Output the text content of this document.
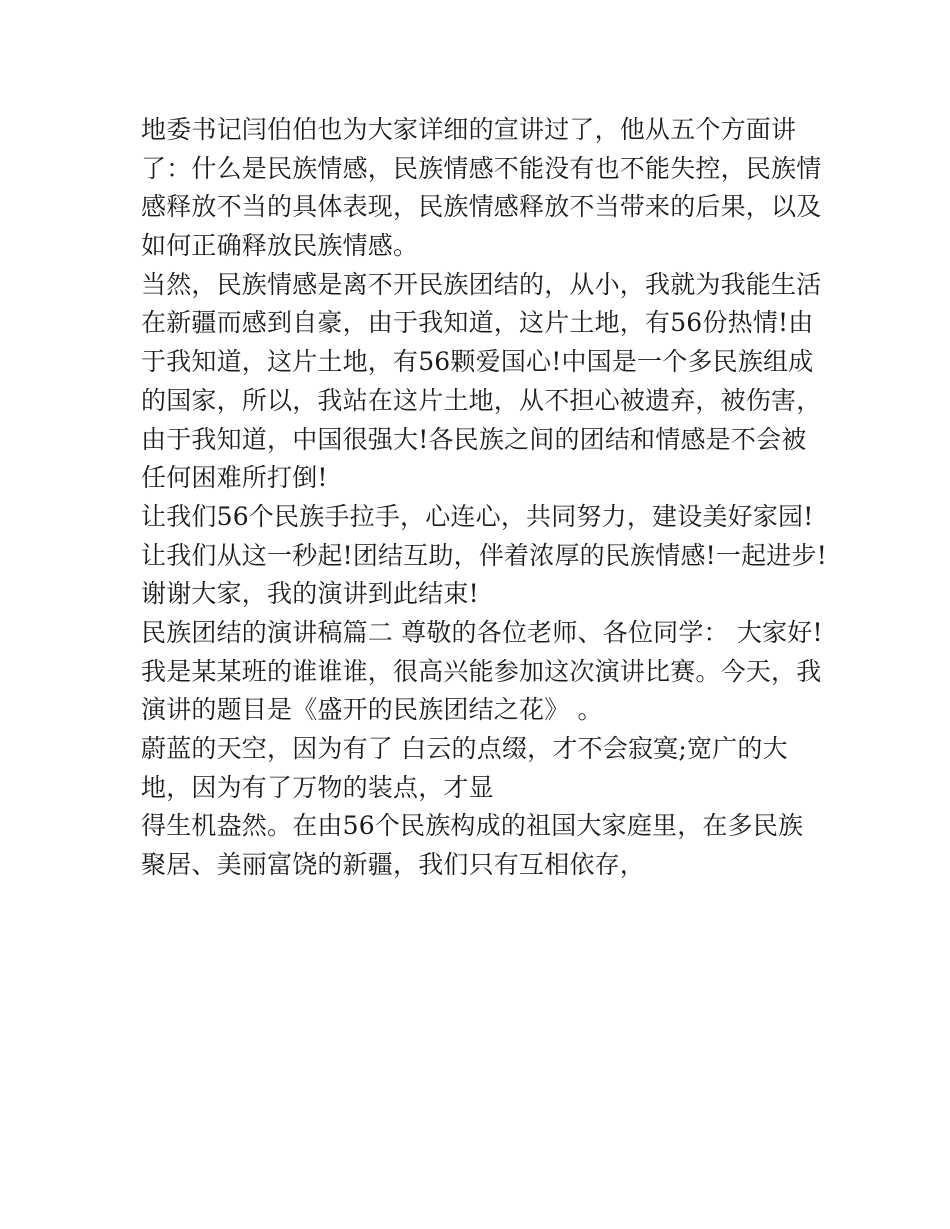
地委书记闫伯伯也为大家详细的宣讲过了，他从五个方面讲
了：什么是民族情感，民族情感不能没有也不能失控，民族情
感释放不当的具体表现，民族情感释放不当带来的后果，以及
如何正确释放民族情感。
当然，民族情感是离不开民族团结的，从小，我就为我能生活
在新疆而感到自豪，由于我知道，这片土地，有56份热情!由
于我知道，这片土地，有56颗爱国心!中国是一个多民族组成
的国家，所以，我站在这片土地，从不担心被遗弃，被伤害，
由于我知道，中国很强大!各民族之间的团结和情感是不会被
任何困难所打倒!
让我们56个民族手拉手，心连心，共同努力，建设美好家园!
让我们从这一秒起!团结互助，伴着浓厚的民族情感!一起进步!
谢谢大家，我的演讲到此结束!
民族团结的演讲稿篇二 尊敬的各位老师、各位同学： 大家好!
我是某某班的谁谁谁，很高兴能参加这次演讲比赛。今天，我
演讲的题目是《盛开的民族团结之花》 。
蔚蓝的天空，因为有了 白云的点缀，才不会寂寞;宽广的大
地，因为有了万物的装点，才显
得生机盎然。在由56个民族构成的祖国大家庭里，在多民族
聚居、美丽富饶的新疆，我们只有互相依存，
